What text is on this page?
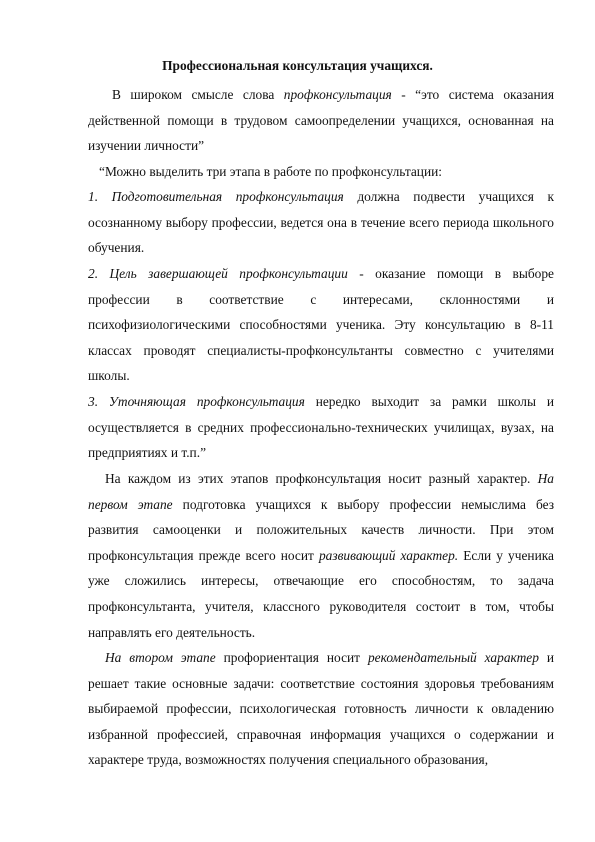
Профессиональная консультация учащихся.

В широком смысле слова профконсультация - “это система оказания действенной помощи в трудовом самоопределении учащихся, основанная на изучении личности”

“Можно выделить три этапа в работе по профконсультации:

1. Подготовительная профконсультация должна подвести учащихся к осознанному выбору профессии, ведется она в течение всего периода школьного обучения.

2. Цель завершающей профконсультации - оказание помощи в выборе профессии в соответствие с интересами, склонностями и психофизиологическими способностями ученика. Эту консультацию в 8-11 классах проводят специалисты-профконсультанты совместно с учителями школы.

3. Уточняющая профконсультация нередко выходит за рамки школы и осуществляется в средних профессионально-технических училищах, вузах, на предприятиях и т.п.”

На каждом из этих этапов профконсультация носит разный характер. На первом этапе подготовка учащихся к выбору профессии немыслима без развития самооценки и положительных качеств личности. При этом профконсультация прежде всего носит развивающий характер. Если у ученика уже сложились интересы, отвечающие его способностям, то задача профконсультанта, учителя, классного руководителя состоит в том, чтобы направлять его деятельность.

На втором этапе профориентация носит рекомендательный характер и решает такие основные задачи: соответствие состояния здоровья требованиям выбираемой профессии, психологическая готовность личности к овладению избранной профессией, справочная информация учащихся о содержании и характере труда, возможностях получения специального образования,
